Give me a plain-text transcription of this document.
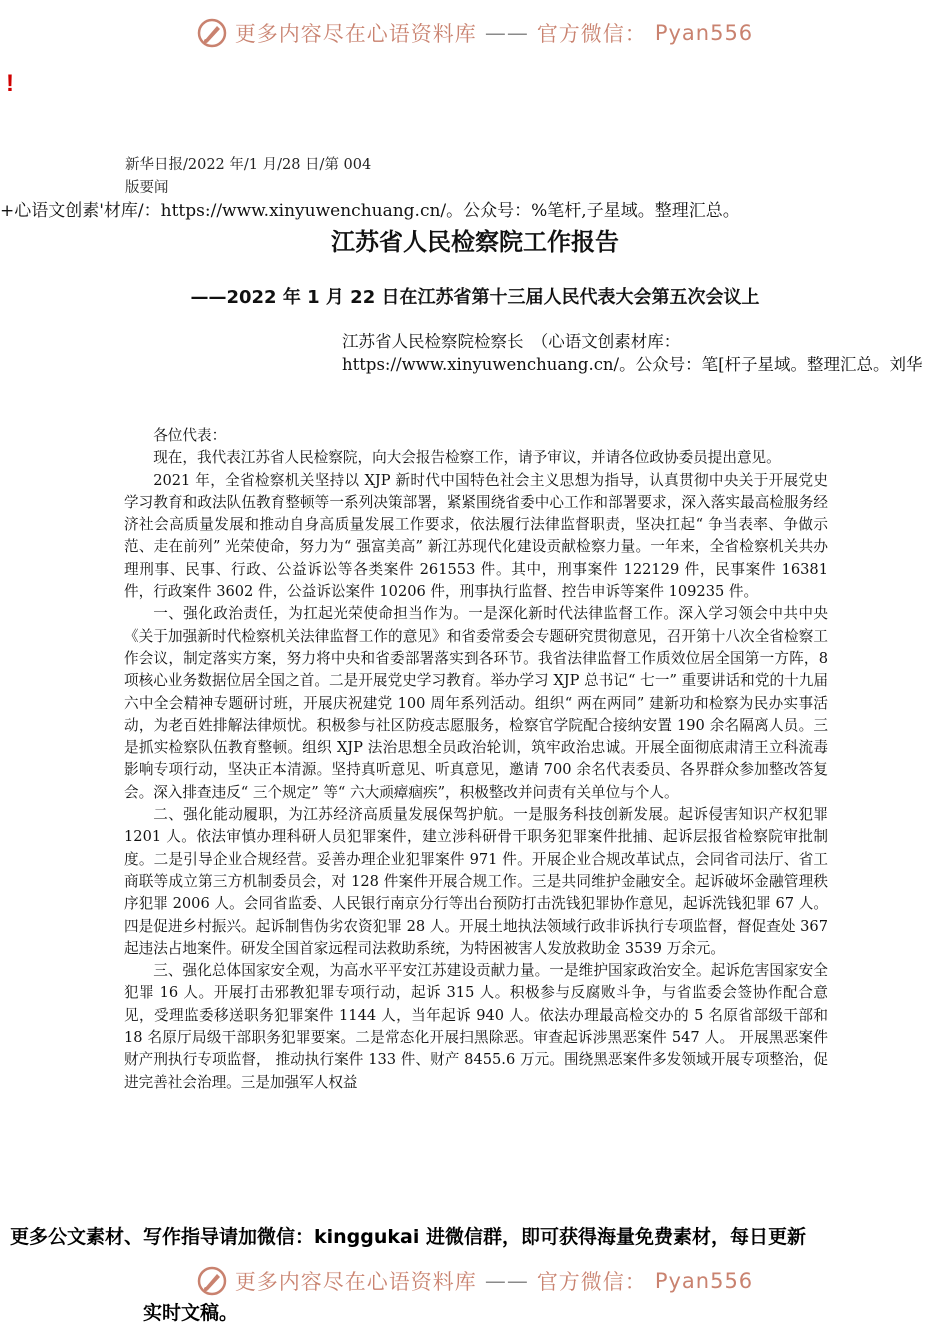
更多内容尽在心语资料库 —— 官方微信： Pyan556
!
新华日报/2022 年/1 月/28 日/第 004
版要闻
+心语文创素'材库/：https://www.xinyuwenchuang.cn/。公众号：%笔杆,子星域。整理汇总。
江苏省人民检察院工作报告
——2022 年 1 月 22 日在江苏省第十三届人民代表大会第五次会议上
江苏省人民检察院检察长　（心语文创素材库：https://www.xinyuwenchuang.cn/。公众号：笔[杆子星域。整理汇总。刘华

各位代表：

现在，我代表江苏省人民检察院，向大会报告检察工作，请予审议，并请各位政协委员提出意见。

2021 年，全省检察机关坚持以 XJP 新时代中国特色社会主义思想为指导，认真贯彻中央关于开展党史学习教育和政法队伍教育整顿等一系列决策部署，紧紧围绕省委中心工作和部署要求，深入落实最高检服务经济社会高质量发展和推动自身高质量发展工作要求，依法履行法律监督职责，坚决扛起“ 争当表率、争做示范、走在前列” 光荣使命，努力为“ 强富美高” 新江苏现代化建设贡献检察力量。一年来，全省检察机关共办理刑事、民事、行政、公益诉讼等各类案件 261553 件。其中，刑事案件 122129 件，民事案件 16381 件，行政案件 3602 件，公益诉讼案件 10206 件，刑事执行监督、控告申诉等案件 109235 件。

一、强化政治责任，为扛起光荣使命担当作为。一是深化新时代法律监督工作。深入学习领会中共中央《关于加强新时代检察机关法律监督工作的意见》和省委常委会专题研究贯彻意见，召开第十八次全省检察工作会议，制定落实方案，努力将中央和省委部署落实到各环节。我省法律监督工作质效位居全国第一方阵，8 项核心业务数据位居全国之首。二是开展党史学习教育。举办学习 XJP 总书记“ 七一” 重要讲话和党的十九届六中全会精神专题研讨班，开展庆祝建党 100 周年系列活动。组织“ 两在两同” 建新功和检察为民办实事活动，为老百姓排解法律烦忧。积极参与社区防疫志愿服务，检察官学院配合接纳安置 190 余名隔离人员。三是抓实检察队伍教育整顿。组织 XJP 法治思想全员政治轮训，筑牢政治忠诚。开展全面彻底肃清王立科流毒影响专项行动，坚决正本清源。坚持真听意见、听真意见，邀请 700 余名代表委员、各界群众参加整改答复会。深入排查违反“ 三个规定” 等“ 六大顽瘴痼疾”，积极整改并问责有关单位与个人。

二、强化能动履职，为江苏经济高质量发展保驾护航。一是服务科技创新发展。起诉侵害知识产权犯罪 1201 人。依法审慎办理科研人员犯罪案件，建立涉科研骨干职务犯罪案件批捕、起诉层报省检察院审批制度。二是引导企业合规经营。妥善办理企业犯罪案件 971 件。开展企业合规改革试点，会同省司法厅、省工商联等成立第三方机制委员会，对 128 件案件开展合规工作。三是共同维护金融安全。起诉破坏金融管理秩序犯罪 2006 人。会同省监委、人民银行南京分行等出台预防打击洗钱犯罪协作意见，起诉洗钱犯罪 67 人。四是促进乡村振兴。起诉制售伪劣农资犯罪 28 人。开展土地执法领域行政非诉执行专项监督，督促查处 367 起违法占地案件。研发全国首家远程司法救助系统，为特困被害人发放救助金 3539 万余元。

三、强化总体国家安全观，为高水平平安江苏建设贡献力量。一是维护国家政治安全。起诉危害国家安全犯罪 16 人。开展打击邪教犯罪专项行动，起诉 315 人。积极参与反腐败斗争，与省监委会签协作配合意见，受理监委移送职务犯罪案件 1144 人，当年起诉 940 人。依法办理最高检交办的 5 名原省部级干部和 18 名原厅局级干部职务犯罪要案。二是常态化开展扫黑除恶。审查起诉涉黑恶案件 547 人。 开展黑恶案件财产刑执行专项监督， 推动执行案件 133 件、财产 8455.6 万元。围绕黑恶案件多发领域开展专项整治，促进完善社会治理。三是加强军人权益

更多公文素材、写作指导请加微信：kinggukai 进微信群，即可获得海量免费素材，每日更新
更多内容尽在心语资料库 —— 官方微信： Pyan556
实时文稿。
